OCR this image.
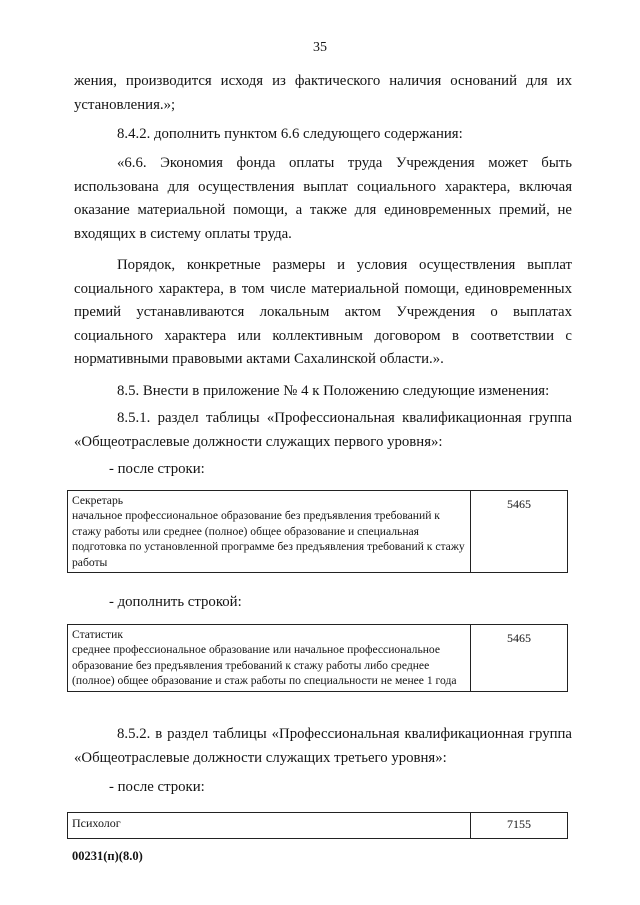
35

жения, производится исходя из фактического наличия оснований для их

установления.»;

8.4.2. дополнить пунктом 6.6 следующего содержания:

«6.6. Экономия фонда оплаты труда Учреждения может быть использована для осуществления выплат социального характера, включая оказание материальной помощи, а также для единовременных премий, не входящих в систему оплаты труда.

Порядок, конкретные размеры и условия осуществления выплат социального характера, в том числе материальной помощи, единовременных премий устанавливаются локальным актом Учреждения о выплатах социального характера или коллективным договором в соответствии с нормативными правовыми актами Сахалинской области.».

8.5. Внести в приложение № 4 к Положению следующие изменения:

8.5.1. раздел таблицы «Профессиональная квалификационная группа «Общеотраслевые должности служащих первого уровня»:

- после строки:

Секретарь
начальное профессиональное образование без предъявления требований к стажу работы или среднее (полное) общее образование и специальная подготовка по установленной программе без предъявления требований к стажу работы
	5465

- дополнить строкой:

Статистик
среднее профессиональное образование или начальное профессиональное образование без предъявления требований к стажу работы либо среднее (полное) общее образование и стаж работы по специальности не менее 1 года
	5465

8.5.2. в раздел таблицы «Профессиональная квалификационная группа «Общеотраслевые должности служащих третьего уровня»:

- после строки:

Психолог	7155
00231(п)(8.0)
